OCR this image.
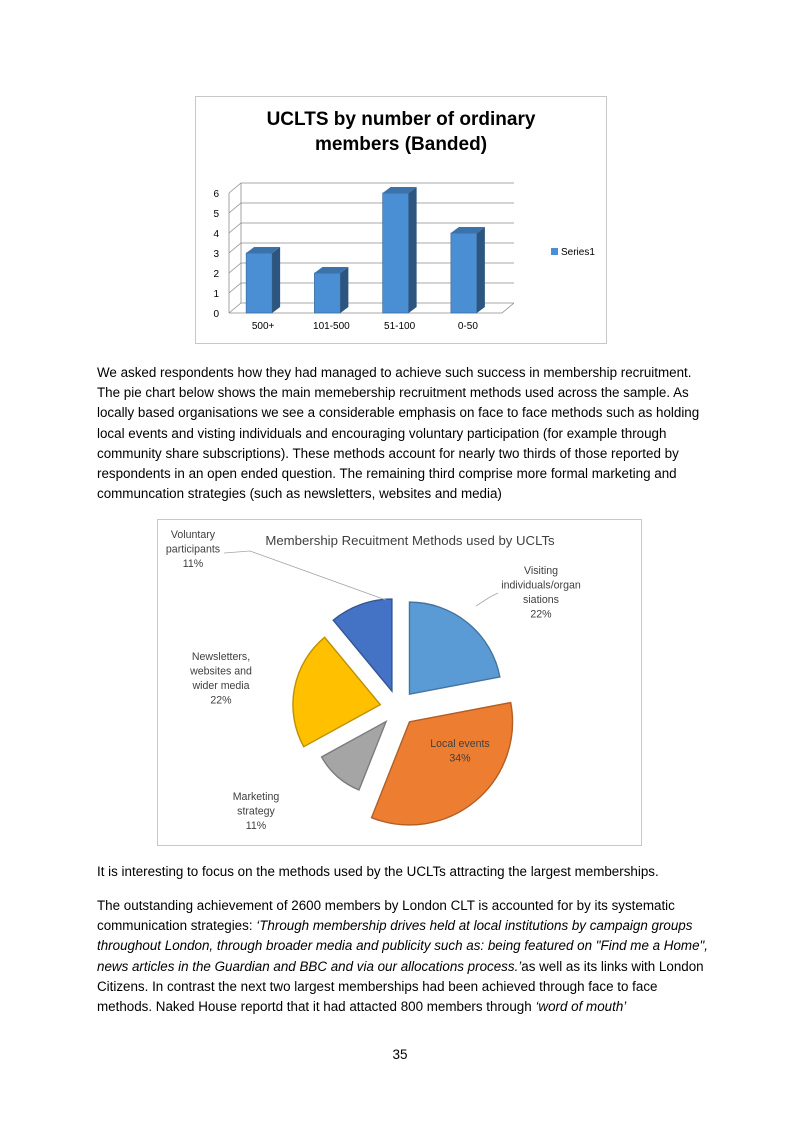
UCLTS by number of ordinary
members (Banded)
0
1
2
3
4
5
6
500+	101-500	51-100	0-50
Series1

We asked respondents how they had managed to achieve such success in membership recruitment. The pie chart below shows the main memebership recruitment methods used across the sample. As locally based organisations we see a considerable emphasis on face to face methods such as holding local events and visting individuals and encouraging voluntary participation (for example through community share subscriptions). These methods account for nearly two thirds of those reported by respondents in an open ended question. The remaining third comprise more formal marketing and communcation strategies (such as newsletters, websites and media)

Membership Recuitment Methods used by UCLTs
Visiting
individuals/organ
siations
22%
Local events
34%
Marketing
strategy
11%
Newsletters,
websites and
wider media
22%
Voluntary
participants
11%

It is interesting to focus on the methods used by the UCLTs attracting the largest memberships.

The outstanding achievement of 2600 members by London CLT is accounted for by its systematic communication strategies: ‘Through membership drives held at local institutions by campaign groups throughout London, through broader media and publicity such as: being featured on "Find me a Home", news articles in the Guardian and BBC and via our allocations process.’as well as its links with London Citizens. In contrast the next two largest memberships had been achieved through face to face methods. Naked House reportd that it had attacted 800 members through ‘word of mouth’

35
